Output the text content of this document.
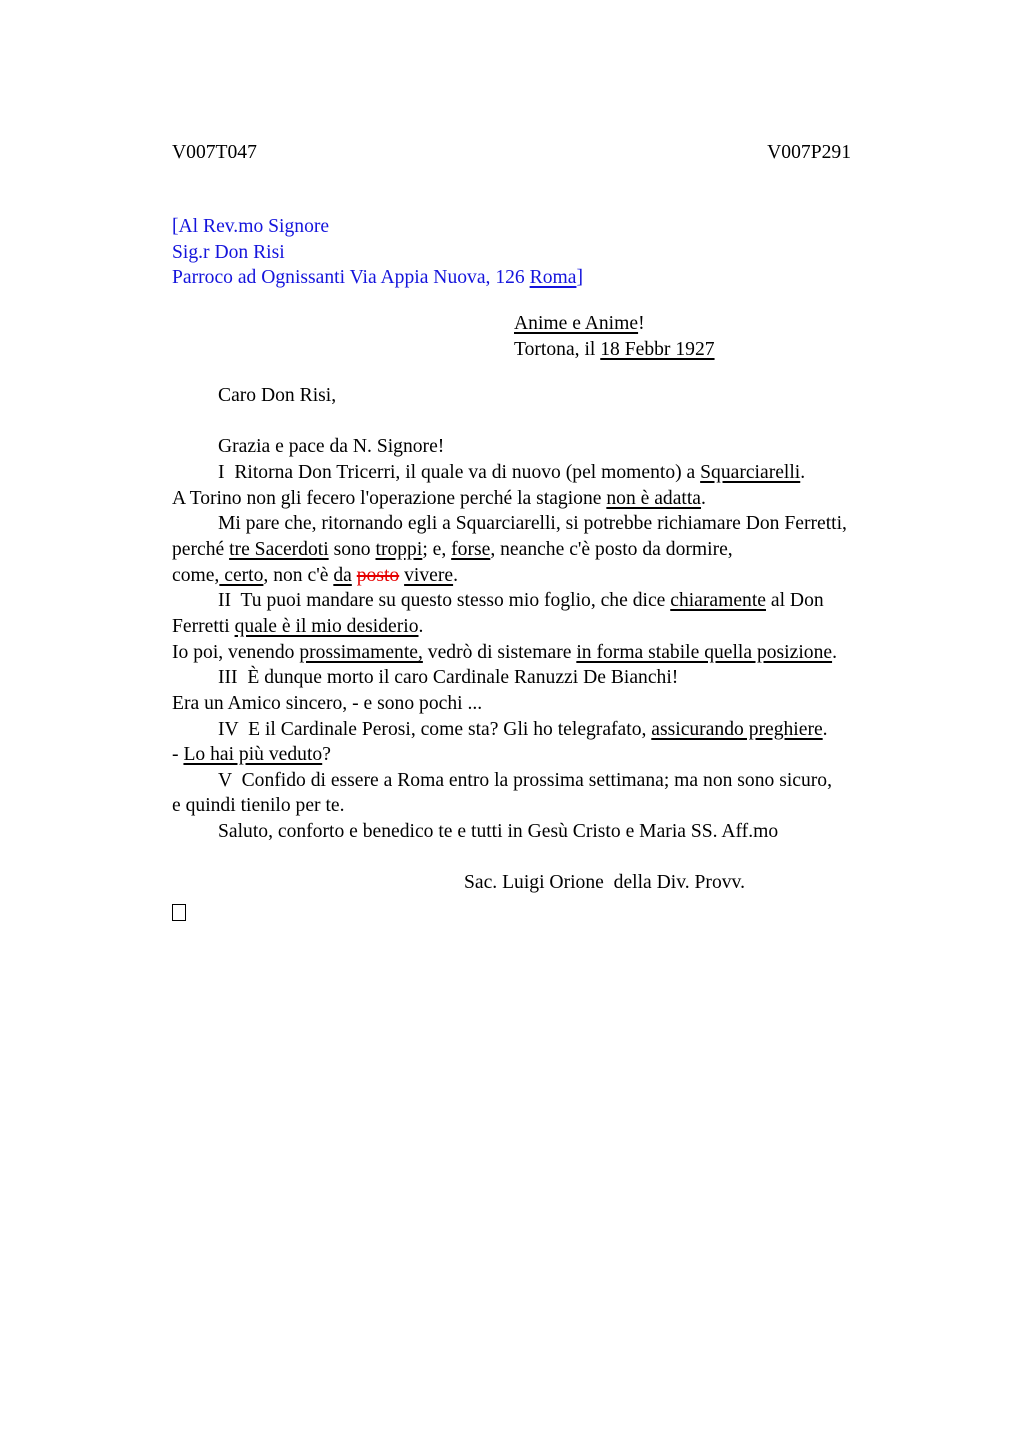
V007T047	V007P291
[Al Rev.mo Signore
Sig.r Don Risi
Parroco ad Ognissanti Via Appia Nuova, 126 Roma]
Anime e Anime!
Tortona, il 18 Febbr 1927
	Caro Don Risi,
	Grazia e pace da N. Signore!
	I  Ritorna Don Tricerri, il quale va di nuovo (pel momento) a Squarciarelli.
A Torino non gli fecero l'operazione perché la stagione non è adatta.
	Mi pare che, ritornando egli a Squarciarelli, si potrebbe richiamare Don Ferretti,
perché tre Sacerdoti sono troppi; e, forse, neanche c'è posto da dormire,
come, certo, non c'è da posto vivere.
	II  Tu puoi mandare su questo stesso mio foglio, che dice chiaramente al Don
Ferretti quale è il mio desiderio.
Io poi, venendo prossimamente, vedrò di sistemare in forma stabile quella posizione.
	III  È dunque morto il caro Cardinale Ranuzzi De Bianchi!
Era un Amico sincero, - e sono pochi ...
	IV  E il Cardinale Perosi, come sta? Gli ho telegrafato, assicurando preghiere.
- Lo hai più veduto?
	V  Confido di essere a Roma entro la prossima settimana; ma non sono sicuro,
e quindi tienilo per te.
	Saluto, conforto e benedico te e tutti in Gesù Cristo e Maria SS. Aff.mo
Sac. Luigi Orione  della Div. Provv.
